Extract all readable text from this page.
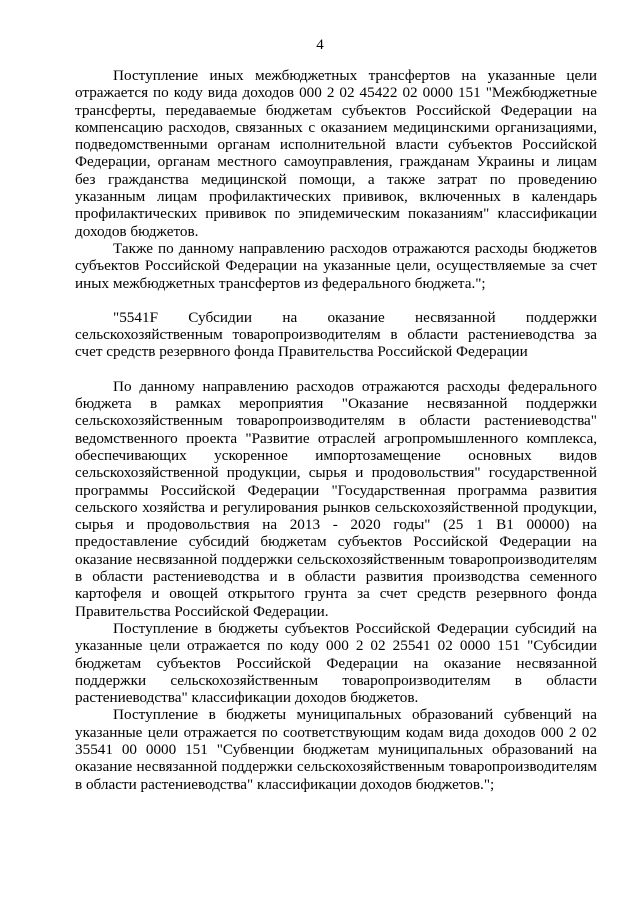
4

Поступление иных межбюджетных трансфертов на указанные цели отражается по коду вида доходов 000 2 02 45422 02 0000 151 "Межбюджетные трансферты, передаваемые бюджетам субъектов Российской Федерации на компенсацию расходов, связанных с оказанием медицинскими организациями, подведомственными органам исполнительной власти субъектов Российской Федерации, органам местного самоуправления, гражданам Украины и лицам без гражданства медицинской помощи, а также затрат по проведению указанным лицам профилактических прививок, включенных в календарь профилактических прививок по эпидемическим показаниям" классификации доходов бюджетов.

Также по данному направлению расходов отражаются расходы бюджетов субъектов Российской Федерации на указанные цели, осуществляемые за счет иных межбюджетных трансфертов из федерального бюджета.";

"5541F Субсидии на оказание несвязанной поддержки сельскохозяйственным товаропроизводителям в области растениеводства за счет средств резервного фонда Правительства Российской Федерации

По данному направлению расходов отражаются расходы федерального бюджета в рамках мероприятия "Оказание несвязанной поддержки сельскохозяйственным товаропроизводителям в области растениеводства" ведомственного проекта "Развитие отраслей агропромышленного комплекса, обеспечивающих ускоренное импортозамещение основных видов сельскохозяйственной продукции, сырья и продовольствия" государственной программы Российской Федерации "Государственная программа развития сельского хозяйства и регулирования рынков сельскохозяйственной продукции, сырья и продовольствия на 2013 - 2020 годы" (25 1 В1 00000) на предоставление субсидий бюджетам субъектов Российской Федерации на оказание несвязанной поддержки сельскохозяйственным товаропроизводителям в области растениеводства и в области развития производства семенного картофеля и овощей открытого грунта за счет средств резервного фонда Правительства Российской Федерации.

Поступление в бюджеты субъектов Российской Федерации субсидий на указанные цели отражается по коду 000 2 02 25541 02 0000 151 "Субсидии бюджетам субъектов Российской Федерации на оказание несвязанной поддержки сельскохозяйственным товаропроизводителям в области растениеводства" классификации доходов бюджетов.

Поступление в бюджеты муниципальных образований субвенций на указанные цели отражается по соответствующим кодам вида доходов 000 2 02 35541 00 0000 151 "Субвенции бюджетам муниципальных образований на оказание несвязанной поддержки сельскохозяйственным товаропроизводителям в области растениеводства" классификации доходов бюджетов.";
